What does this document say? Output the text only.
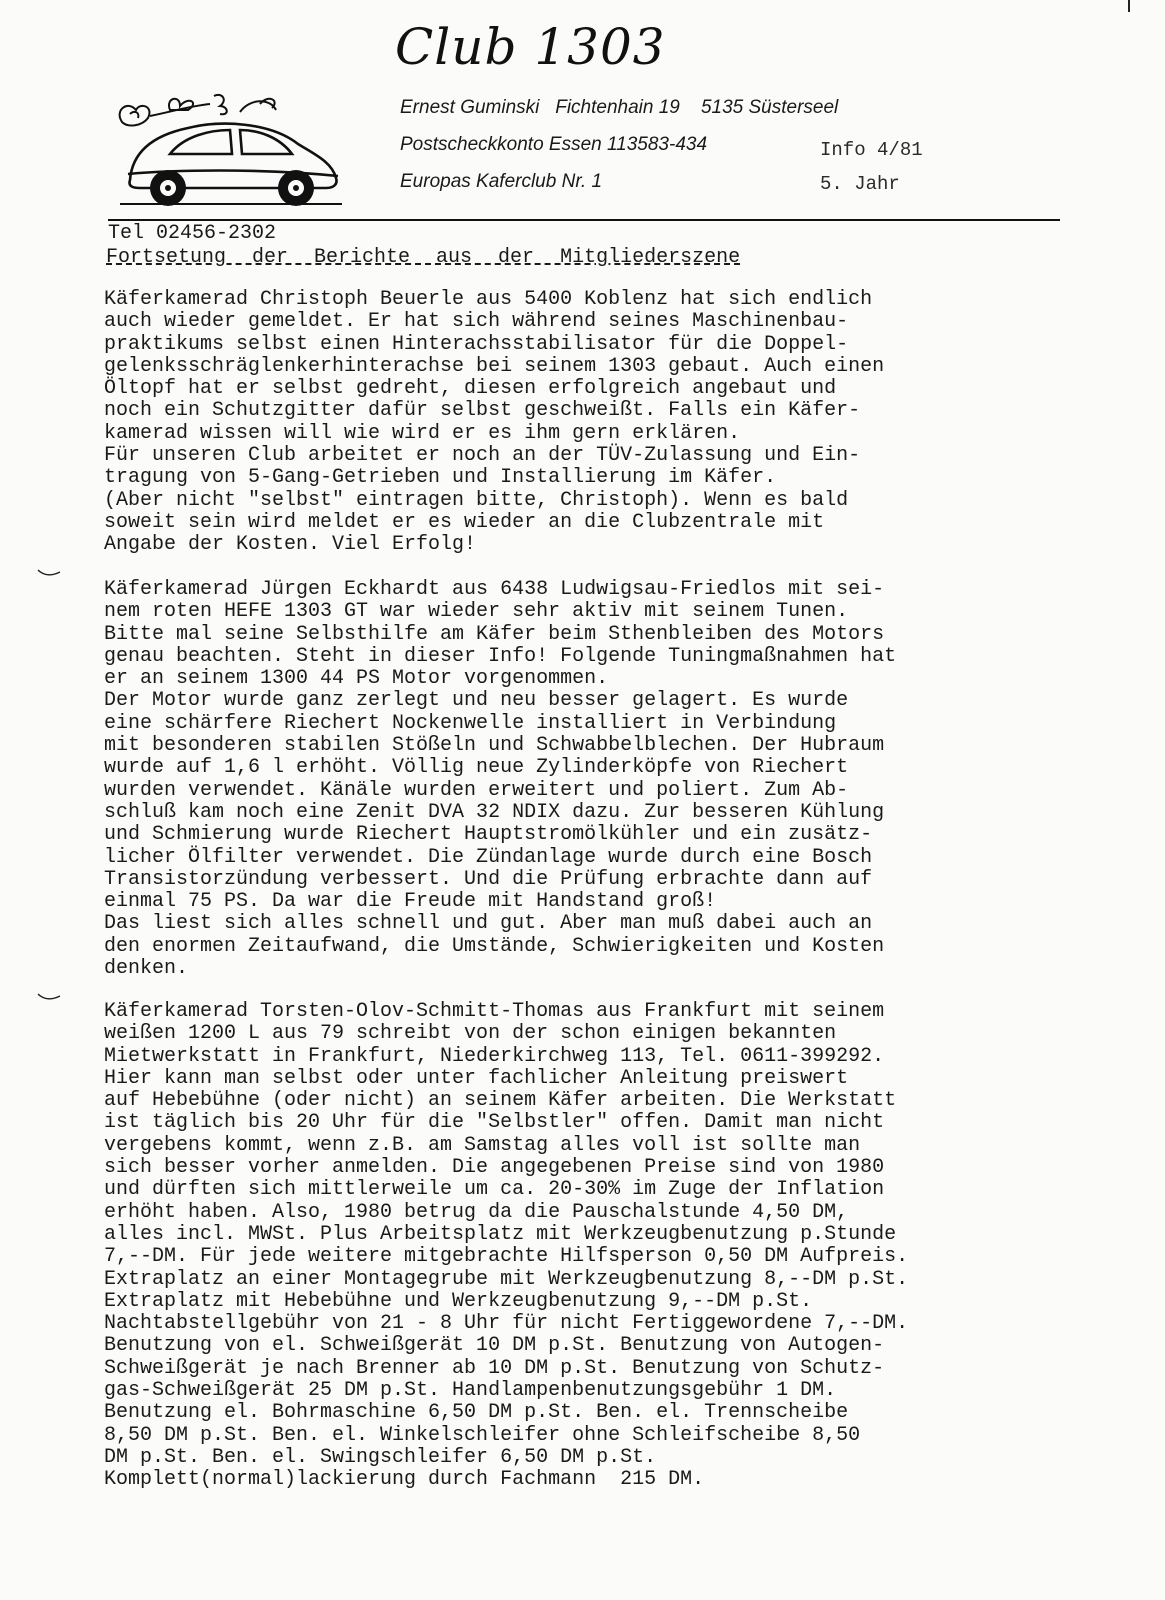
Club 1303
Ernest Guminski   Fichtenhain 19    5135 Süsterseel
Postscheckkonto Essen 113583-434
Europas Kaferclub Nr. 1
Info 4/81
5. Jahr
Tel 02456-2302
Fortsetung der Berichte aus der Mitgliederszene
Käferkamerad Christoph Beuerle aus 5400 Koblenz hat sich endlich
auch wieder gemeldet. Er hat sich während seines Maschinenbau-
praktikums selbst einen Hinterachsstabilisator für die Doppel-
gelenksschräglenkerhinterachse bei seinem 1303 gebaut. Auch einen
Öltopf hat er selbst gedreht, diesen erfolgreich angebaut und
noch ein Schutzgitter dafür selbst geschweißt. Falls ein Käfer-
kamerad wissen will wie wird er es ihm gern erklären.
Für unseren Club arbeitet er noch an der TÜV-Zulassung und Ein-
tragung von 5-Gang-Getrieben und Installierung im Käfer.
(Aber nicht "selbst" eintragen bitte, Christoph). Wenn es bald
soweit sein wird meldet er es wieder an die Clubzentrale mit
Angabe der Kosten. Viel Erfolg!
Käferkamerad Jürgen Eckhardt aus 6438 Ludwigsau-Friedlos mit sei-
nem roten HEFE 1303 GT war wieder sehr aktiv mit seinem Tunen.
Bitte mal seine Selbsthilfe am Käfer beim Sthenbleiben des Motors
genau beachten. Steht in dieser Info! Folgende Tuningmaßnahmen hat
er an seinem 1300 44 PS Motor vorgenommen.
Der Motor wurde ganz zerlegt und neu besser gelagert. Es wurde
eine schärfere Riechert Nockenwelle installiert in Verbindung
mit besonderen stabilen Stößeln und Schwabbelblechen. Der Hubraum
wurde auf 1,6 l erhöht. Völlig neue Zylinderköpfe von Riechert
wurden verwendet. Känäle wurden erweitert und poliert. Zum Ab-
schluß kam noch eine Zenit DVA 32 NDIX dazu. Zur besseren Kühlung
und Schmierung wurde Riechert Hauptstromölkühler und ein zusätz-
licher Ölfilter verwendet. Die Zündanlage wurde durch eine Bosch
Transistorzündung verbessert. Und die Prüfung erbrachte dann auf
einmal 75 PS. Da war die Freude mit Handstand groß!
Das liest sich alles schnell und gut. Aber man muß dabei auch an
den enormen Zeitaufwand, die Umstände, Schwierigkeiten und Kosten
denken.
Käferkamerad Torsten-Olov-Schmitt-Thomas aus Frankfurt mit seinem
weißen 1200 L aus 79 schreibt von der schon einigen bekannten
Mietwerkstatt in Frankfurt, Niederkirchweg 113, Tel. 0611-399292.
Hier kann man selbst oder unter fachlicher Anleitung preiswert
auf Hebebühne (oder nicht) an seinem Käfer arbeiten. Die Werkstatt
ist täglich bis 20 Uhr für die "Selbstler" offen. Damit man nicht
vergebens kommt, wenn z.B. am Samstag alles voll ist sollte man
sich besser vorher anmelden. Die angegebenen Preise sind von 1980
und dürften sich mittlerweile um ca. 20-30% im Zuge der Inflation
erhöht haben. Also, 1980 betrug da die Pauschalstunde 4,50 DM,
alles incl. MWSt. Plus Arbeitsplatz mit Werkzeugbenutzung p.Stunde
7,--DM. Für jede weitere mitgebrachte Hilfsperson 0,50 DM Aufpreis.
Extraplatz an einer Montagegrube mit Werkzeugbenutzung 8,--DM p.St.
Extraplatz mit Hebebühne und Werkzeugbenutzung 9,--DM p.St.
Nachtabstellgebühr von 21 - 8 Uhr für nicht Fertiggewordene 7,--DM.
Benutzung von el. Schweißgerät 10 DM p.St. Benutzung von Autogen-
Schweißgerät je nach Brenner ab 10 DM p.St. Benutzung von Schutz-
gas-Schweißgerät 25 DM p.St. Handlampenbenutzungsgebühr 1 DM.
Benutzung el. Bohrmaschine 6,50 DM p.St. Ben. el. Trennscheibe
8,50 DM p.St. Ben. el. Winkelschleifer ohne Schleifscheibe 8,50
DM p.St. Ben. el. Swingschleifer 6,50 DM p.St.
Komplett(normal)lackierung durch Fachmann  215 DM.
